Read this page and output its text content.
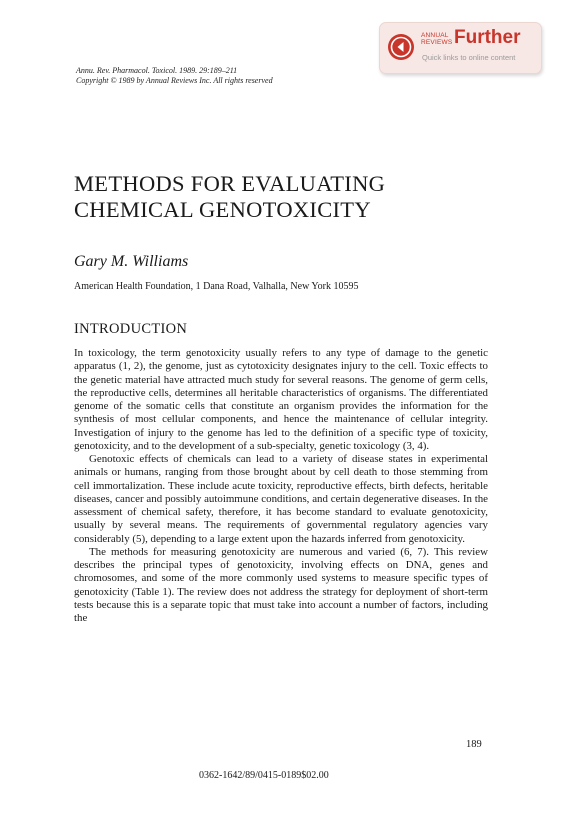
ANNUAL
REVIEWS Further
Quick links to online content
Annu. Rev. Pharmacol. Toxicol. 1989. 29:189–211
Copyright © 1989 by Annual Reviews Inc. All rights reserved
METHODS FOR EVALUATING
CHEMICAL GENOTOXICITY
Gary M. Williams
American Health Foundation, 1 Dana Road, Valhalla, New York 10595
INTRODUCTION

In toxicology, the term genotoxicity usually refers to any type of damage to the genetic apparatus (1, 2), the genome, just as cytotoxicity designates injury to the cell. Toxic effects to the genetic material have attracted much study for several reasons. The genome of germ cells, the reproductive cells, determines all heritable characteristics of organisms. The differentiated genome of the somatic cells that constitute an organism provides the information for the synthesis of most cellular components, and hence the maintenance of cellular integrity. Investigation of injury to the genome has led to the definition of a specific type of toxicity, genotoxicity, and to the development of a sub-specialty, genetic toxicology (3, 4).

Genotoxic effects of chemicals can lead to a variety of disease states in experimental animals or humans, ranging from those brought about by cell death to those stemming from cell immortalization. These include acute toxicity, reproductive effects, birth defects, heritable diseases, cancer and possibly autoimmune conditions, and certain degenerative diseases. In the assessment of chemical safety, therefore, it has become standard to evaluate genotoxicity, usually by several means. The requirements of governmental regulatory agencies vary considerably (5), depending to a large extent upon the hazards inferred from genotoxicity.

The methods for measuring genotoxicity are numerous and varied (6, 7). This review describes the principal types of genotoxicity, involving effects on DNA, genes and chromosomes, and some of the more commonly used systems to measure specific types of genotoxicity (Table 1). The review does not address the strategy for deployment of short-term tests because this is a separate topic that must take into account a number of factors, including the

189
0362-1642/89/0415-0189$02.00
